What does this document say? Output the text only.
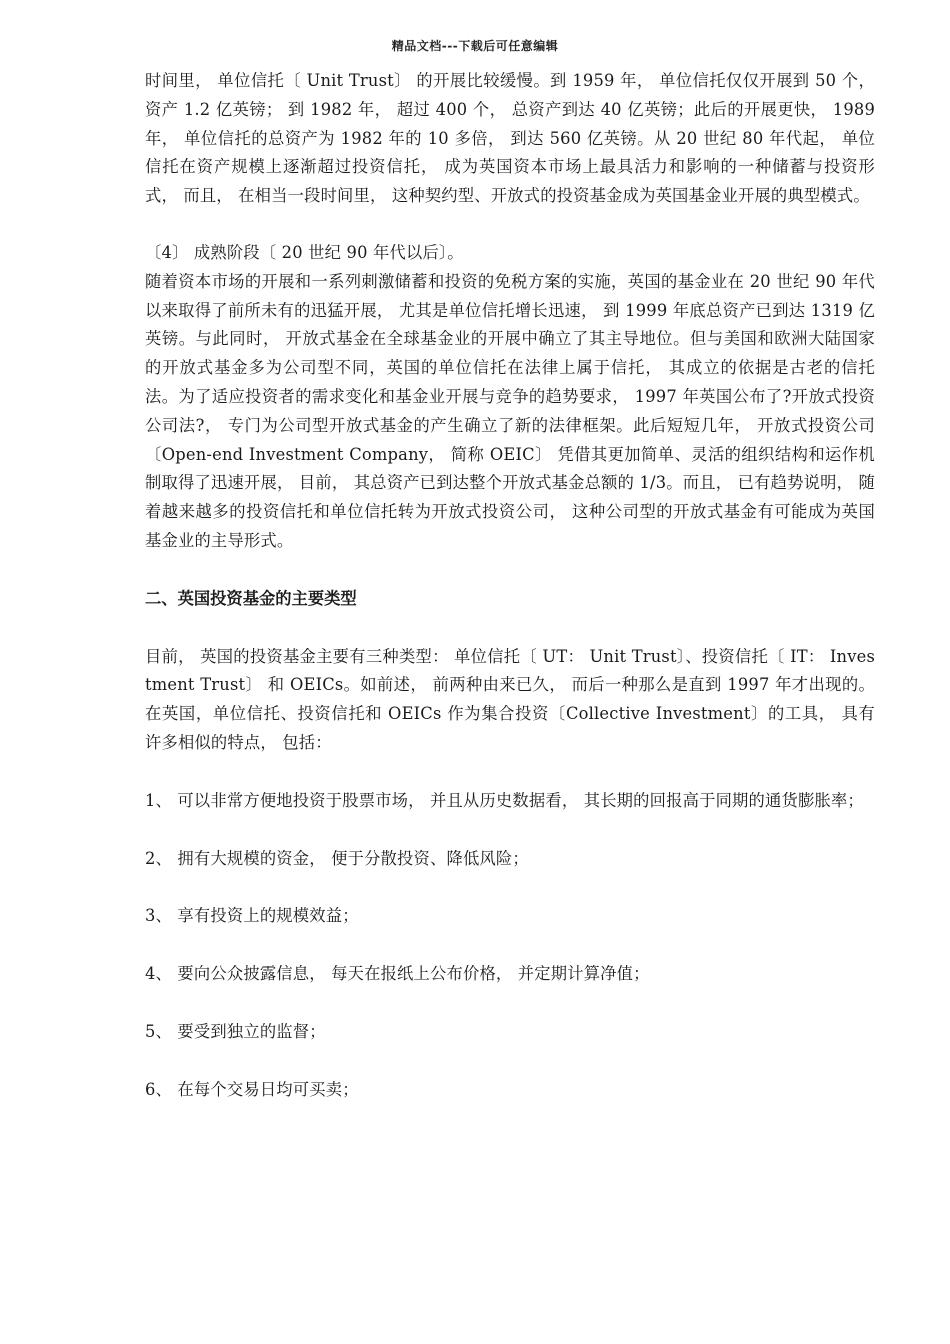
精品文档---下载后可任意编辑

时间里， 单位信托〔 Unit Trust〕 的开展比较缓慢。到 1959 年， 单位信托仅仅开展到 50 个，资产 1.2 亿英镑； 到 1982 年， 超过 400 个， 总资产到达 40 亿英镑；此后的开展更快， 1989 年， 单位信托的总资产为 1982 年的 10 多倍， 到达 560 亿英镑。从 20 世纪 80 年代起， 单位信托在资产规模上逐渐超过投资信托， 成为英国资本市场上最具活力和影响的一种储蓄与投资形式， 而且， 在相当一段时间里， 这种契约型、开放式的投资基金成为英国基金业开展的典型模式。

〔4〕 成熟阶段〔 20 世纪 90 年代以后〕。

随着资本市场的开展和一系列刺激储蓄和投资的免税方案的实施，英国的基金业在 20 世纪 90 年代以来取得了前所未有的迅猛开展， 尤其是单位信托增长迅速， 到 1999 年底总资产已到达 1319 亿英镑。与此同时， 开放式基金在全球基金业的开展中确立了其主导地位。但与美国和欧洲大陆国家的开放式基金多为公司型不同，英国的单位信托在法律上属于信托， 其成立的依据是古老的信托法。为了适应投资者的需求变化和基金业开展与竞争的趋势要求， 1997 年英国公布了?开放式投资公司法?， 专门为公司型开放式基金的产生确立了新的法律框架。此后短短几年， 开放式投资公司〔Open-end Investment Company， 简称 OEIC〕 凭借其更加简单、灵活的组织结构和运作机制取得了迅速开展， 目前， 其总资产已到达整个开放式基金总额的 1/3。而且， 已有趋势说明， 随着越来越多的投资信托和单位信托转为开放式投资公司， 这种公司型的开放式基金有可能成为英国基金业的主导形式。

二、英国投资基金的主要类型

目前， 英国的投资基金主要有三种类型： 单位信托〔 UT： Unit Trust〕、投资信托〔 IT： Investment Trust〕 和 OEICs。如前述， 前两种由来已久， 而后一种那么是直到 1997 年才出现的。在英国，单位信托、投资信托和 OEICs 作为集合投资〔Collective Investment〕的工具， 具有许多相似的特点， 包括：

1、 可以非常方便地投资于股票市场， 并且从历史数据看， 其长期的回报高于同期的通货膨胀率；

2、 拥有大规模的资金， 便于分散投资、降低风险；

3、 享有投资上的规模效益；

4、 要向公众披露信息， 每天在报纸上公布价格， 并定期计算净值；

5、 要受到独立的监督；

6、 在每个交易日均可买卖；
